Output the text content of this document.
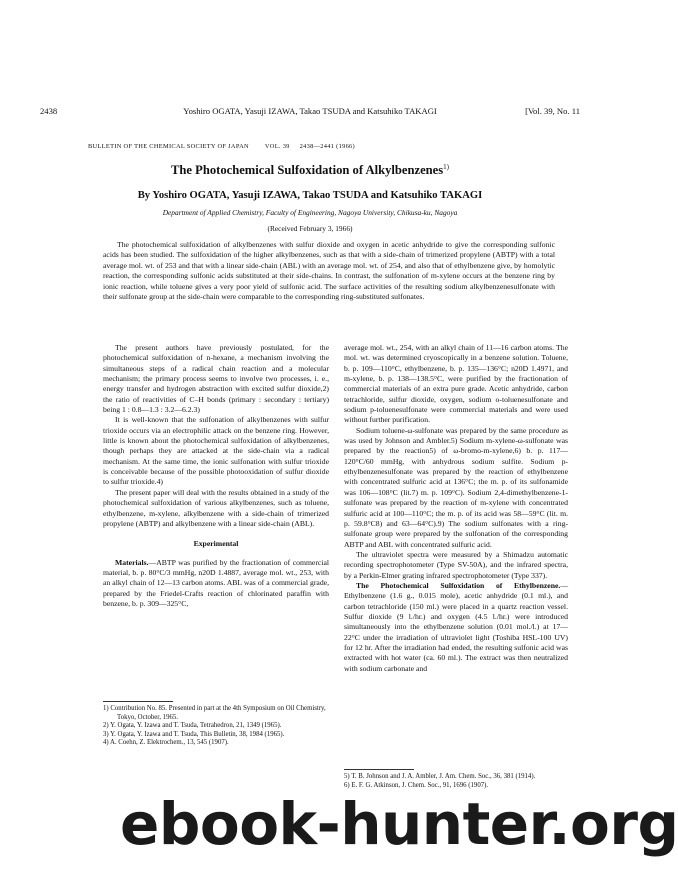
2438	Yoshiro OGATA, Yasuji IZAWA, Takao TSUDA and Katsuhiko TAKAGI	[Vol. 39, No. 11
BULLETIN OF THE CHEMICAL SOCIETY OF JAPAN VOL. 39 2438—2441 (1966)
The Photochemical Sulfoxidation of Alkylbenzenes$^{1)}$
By Yoshiro OGATA, Yasuji IZAWA, Takao TSUDA and Katsuhiko TAKAGI
Department of Applied Chemistry, Faculty of Engineering, Nagoya University, Chikusa-ku, Nagoya
(Received February 3, 1966)

The photochemical sulfoxidation of alkylbenzenes with sulfur dioxide and oxygen in acetic anhydride to give the corresponding sulfonic acids has been studied. The sulfoxidation of the higher alkylbenzenes, such as that with a side-chain of trimerized propylene (ABTP) with a total average mol. wt. of 253 and that with a linear side-chain (ABL) with an average mol. wt. of 254, and also that of ethylbenzene give, by homolytic reaction, the corresponding sulfonic acids substituted at their side-chains. In contrast, the sulfonation of m-xylene occurs at the benzene ring by ionic reaction, while toluene gives a very poor yield of sulfonic acid. The surface activities of the resulting sodium alkylbenzenesulfonate with their sulfonate group at the side-chain were comparable to the corresponding ring-substituted sulfonates.

The present authors have previously postulated, for the photochemical sulfoxidation of n-hexane, a mechanism involving the simultaneous steps of a radical chain reaction and a molecular mechanism; the primary process seems to involve two processes, i. e., energy transfer and hydrogen abstraction with excited sulfur dioxide,2) the ratio of reactivities of C–H bonds (primary : secondary : tertiary) being 1 : 0.8—1.3 : 3.2—6.2.3)

It is well-known that the sulfonation of alkylbenzenes with sulfur trioxide occurs via an electrophilic attack on the benzene ring. However, little is known about the photochemical sulfoxidation of alkylbenzenes, though perhaps they are attacked at the side-chain via a radical mechanism. At the same time, the ionic sulfonation with sulfur trioxide is conceivable because of the possible photooxidation of sulfur dioxide to sulfur trioxide.4)

The present paper will deal with the results obtained in a study of the photochemical sulfoxidation of various alkylbenzenes, such as toluene, ethylbenzene, m-xylene, alkylbenzene with a side-chain of trimerized propylene (ABTP) and alkylbenzene with a linear side-chain (ABL).

Experimental

Materials.—ABTP was purified by the fractionation of commercial material, b. p. 80°C/3 mmHg, n20D 1.4887, average mol. wt., 253, with an alkyl chain of 12—13 carbon atoms. ABL was of a commercial grade, prepared by the Friedel-Crafts reaction of chlorinated paraffin with benzene, b. p. 309—325°C,

average mol. wt., 254, with an alkyl chain of 11—16 carbon atoms. The mol. wt. was determined cryoscopically in a benzene solution. Toluene, b. p. 109—110°C, ethylbenzene, b. p. 135—136°C; n20D 1.4971, and m-xylene, b. p. 138—138.5°C, were purified by the fractionation of commercial materials of an extra pure grade. Acetic anhydride, carbon tetrachloride, sulfur dioxide, oxygen, sodium o-toluenesulfonate and sodium p-toluenesulfonate were commercial materials and were used without further purification.

Sodium toluene-ω-sulfonate was prepared by the same procedure as was used by Johnson and Ambler.5) Sodium m-xylene-ω-sulfonate was prepared by the reaction5) of ω-bromo-m-xylene,6) b. p. 117—120°C/60 mmHg, with anhydrous sodium sulfite. Sodium p-ethylbenzenesulfonate was prepared by the reaction of ethylbenzene with concentrated sulfuric acid at 136°C; the m. p. of its sulfonamide was 106—108°C (lit.7) m. p. 109°C). Sodium 2,4-dimethylbenzene-1-sulfonate was prepared by the reaction of m-xylene with concentrated sulfuric acid at 100—110°C; the m. p. of its acid was 58—59°C (lit. m. p. 59.8°C8) and 63—64°C).9) The sodium sulfonates with a ring-sulfonate group were prepared by the sulfonation of the corresponding ABTP and ABL with concentrated sulfuric acid.

The ultraviolet spectra were measured by a Shimadzu automatic recording spectrophotometer (Type SV-50A), and the infrared spectra, by a Perkin-Elmer grating infrared spectrophotometer (Type 337).

The Photochemical Sulfoxidation of Ethylbenzene.—Ethylbenzene (1.6 g., 0.015 mole), acetic anhydride (0.1 ml.), and carbon tetrachloride (150 ml.) were placed in a quartz reaction vessel. Sulfur dioxide (9 l./hr.) and oxygen (4.5 l./hr.) were introduced simultaneously into the ethylbenzene solution (0.01 mol./l.) at 17—22°C under the irradiation of ultraviolet light (Toshiba HSL-100 UV) for 12 hr. After the irradiation had ended, the resulting sulfonic acid was extracted with hot water (ca. 60 ml.). The extract was then neutralized with sodium carbonate and

1) Contribution No. 85. Presented in part at the 4th Symposium on Oil Chemistry, Tokyo, October, 1965.

2) Y. Ogata, Y. Izawa and T. Tsuda, Tetrahedron, 21, 1349 (1965).

3) Y. Ogata, Y. Izawa and T. Tsuda, This Bulletin, 38, 1984 (1965).

4) A. Coehn, Z. Elektrochem., 13, 545 (1907).

5) T. B. Johnson and J. A. Ambler, J. Am. Chem. Soc., 36, 381 (1914).

6) E. F. G. Atkinson, J. Chem. Soc., 91, 1696 (1907).

ebook-hunter.org
